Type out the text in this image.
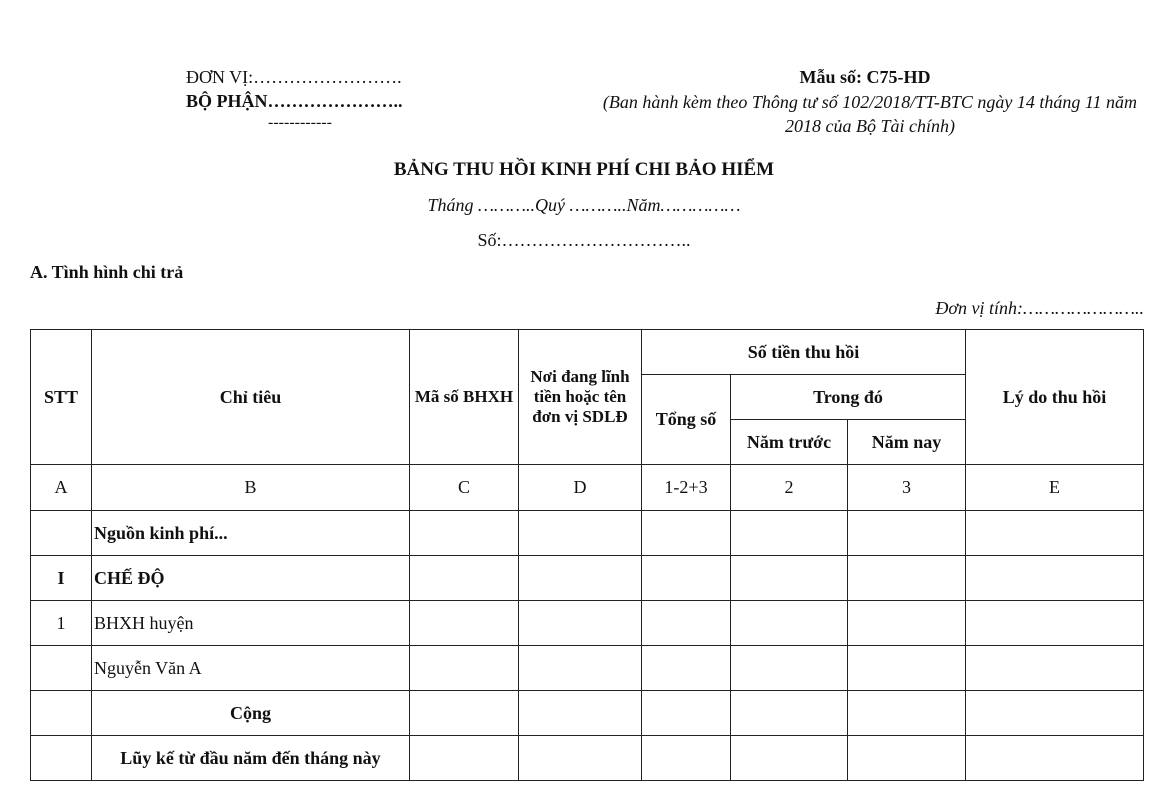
ĐƠN VỊ:…………………….
BỘ PHẬN…………………..
------------
Mẫu số: C75-HD
(Ban hành kèm theo Thông tư số 102/2018/TT-BTC ngày 14 tháng 11 năm 2018 của Bộ Tài chính)
BẢNG THU HỒI KINH PHÍ CHI BẢO HIỂM
Tháng ………..Quý ………..Năm……………
Số:…………………………..
A. Tình hình chi trả
Đơn vị tính:…………………..
STT	Chỉ tiêu	Mã số BHXH	Nơi đang lĩnh tiền hoặc tên đơn vị SDLĐ	Số tiền thu hồi			Lý do thu hồi
				Tổng số	Trong đó		
					Năm trước	Năm nay	
A	B	C	D	1-2+3	2	3	E
	Nguồn kinh phí...						
I	CHẾ ĐỘ						
1	BHXH huyện						
	Nguyễn Văn A						
	Cộng						
	Lũy kế từ đầu năm đến tháng này						
